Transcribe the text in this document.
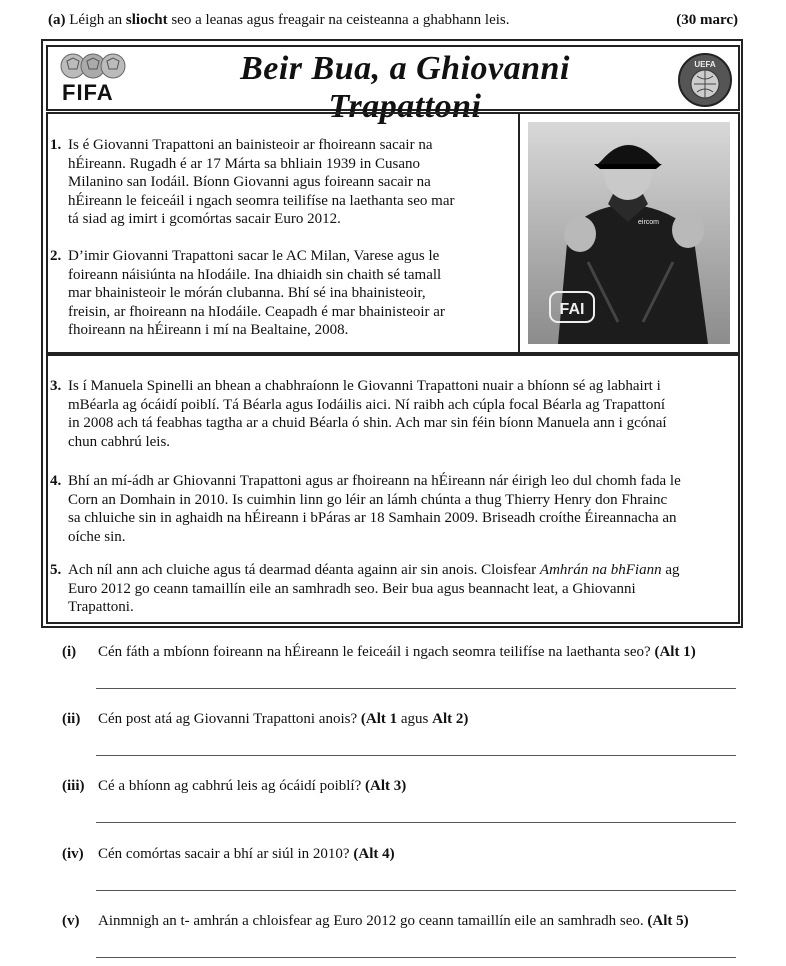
(a) Léigh an sliocht seo a leanas agus freagair na ceisteanna a ghabhann leis.	(30 marc)
FIFA
Beir Bua, a Ghiovanni Trapattoni
UEFA
eircom
FAI
1. Is é Giovanni Trapattoni an bainisteoir ar fhoireann sacair na
hÉireann. Rugadh é ar 17 Márta sa bhliain 1939 in Cusano
Milanino san Iodáil. Bíonn Giovanni agus foireann sacair na
hÉireann le feiceáil i ngach seomra teilifíse na laethanta seo mar
tá siad ag imirt i gcomórtas sacair Euro 2012.
2. D’imir Giovanni Trapattoni sacar le AC Milan, Varese agus le
foireann náisiúnta na hIodáile. Ina dhiaidh sin chaith sé tamall
mar bhainisteoir le mórán clubanna. Bhí sé ina bhainisteoir,
freisin, ar fhoireann na hIodáile. Ceapadh é mar bhainisteoir ar
fhoireann na hÉireann i mí na Bealtaine, 2008.
3. Is í Manuela Spinelli an bhean a chabhraíonn le Giovanni Trapattoni nuair a bhíonn sé ag labhairt i
mBéarla ag ócáidí poiblí. Tá Béarla agus Iodáilis aici. Ní raibh ach cúpla focal Béarla ag Trapattoní
in 2008 ach tá feabhas tagtha ar a chuid Béarla ó shin. Ach mar sin féin bíonn Manuela ann i gcónaí
chun cabhrú leis.
4. Bhí an mí-ádh ar Ghiovanni Trapattoni agus ar fhoireann na hÉireann nár éirigh leo dul chomh fada le
Corn an Domhain in 2010. Is cuimhin linn go léir an lámh chúnta a thug Thierry Henry don Fhrainc
sa chluiche sin in aghaidh na hÉireann i bPáras ar 18 Samhain 2009. Briseadh croíthe Éireannacha an
oíche sin.
5. Ach níl ann ach cluiche agus tá dearmad déanta againn air sin anois. Cloisfear Amhrán na bhFiann ag
Euro 2012 go ceann tamaillín eile an samhradh seo. Beir bua agus beannacht leat, a Ghiovanni
Trapattoni.
(i) Cén fáth a mbíonn foireann na hÉireann le feiceáil i ngach seomra teilifíse na laethanta seo? (Alt 1)
(ii) Cén post atá ag Giovanni Trapattoni anois? (Alt 1 agus Alt 2)
(iii) Cé a bhíonn ag cabhrú leis ag ócáidí poiblí? (Alt 3)
(iv) Cén comórtas sacair a bhí ar siúl in 2010? (Alt 4)
(v) Ainmnigh an t- amhrán a chloisfear ag Euro 2012 go ceann tamaillín eile an samhradh seo. (Alt 5)
